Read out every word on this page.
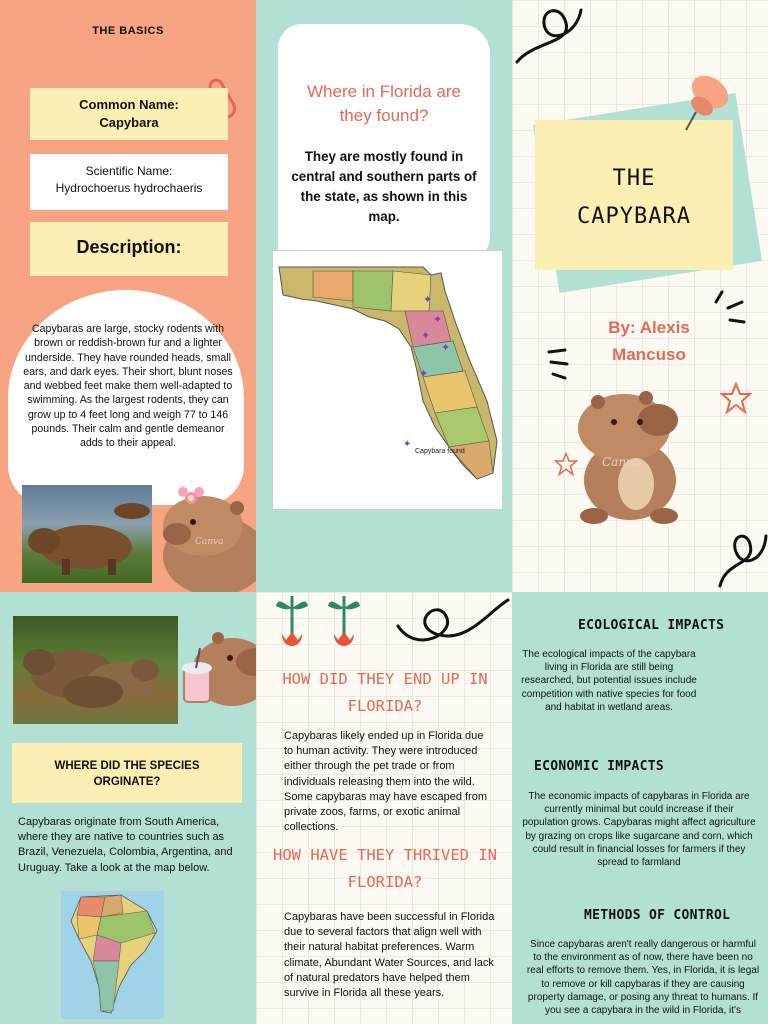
THE BASICS
Common Name:
Capybara
Scientific Name:
Hydrochoerus hydrochaeris
Description:
Capybaras are large, stocky rodents with brown or reddish-brown fur and a lighter underside. They have rounded heads, small ears, and dark eyes. Their short, blunt noses and webbed feet make them well-adapted to swimming. As the largest rodents, they can grow up to 4 feet long and weigh 77 to 146 pounds. Their calm and gentle demeanor adds to their appeal.
Canva
Where in Florida are they found?
They are mostly found in central and southern parts of the state, as shown in this map.
✦
✦
✦
✦
✦
✦
Capybara found
THE
CAPYBARA
By: Alexis
Mancuso
Canva
WHERE DID THE SPECIES ORGINATE?
Capybaras originate from South America, where they are native to countries such as Brazil, Venezuela, Colombia, Argentina, and Uruguay. Take a look at the map below.
HOW DID THEY END UP IN FLORIDA?
Capybaras likely ended up in Florida due to human activity. They were introduced either through the pet trade or from individuals releasing them into the wild. Some capybaras may have escaped from private zoos, farms, or exotic animal collections.
HOW HAVE THEY THRIVED IN FLORIDA?
Capybaras have been successful in Florida due to several factors that align well with their natural habitat preferences. Warm climate, Abundant Water Sources, and lack of natural predators have helped them survive in Florida all these years.
ECOLOGICAL IMPACTS
The ecological impacts of the capybara living in Florida are still being researched, but potential issues include competition with native species for food and habitat in wetland areas.
ECONOMIC IMPACTS
The economic impacts of capybaras in Florida are currently minimal but could increase if their population grows. Capybaras might affect agriculture by grazing on crops like sugarcane and corn, which could result in financial losses for farmers if they spread to farmland
METHODS OF CONTROL
Since capybaras aren't really dangerous or harmful to the environment as of now, there have been no real efforts to remove them. Yes, in Florida, it is legal to remove or kill capybaras if they are causing property damage, or posing any threat to humans. If you see a capybara in the wild in Florida, it's
